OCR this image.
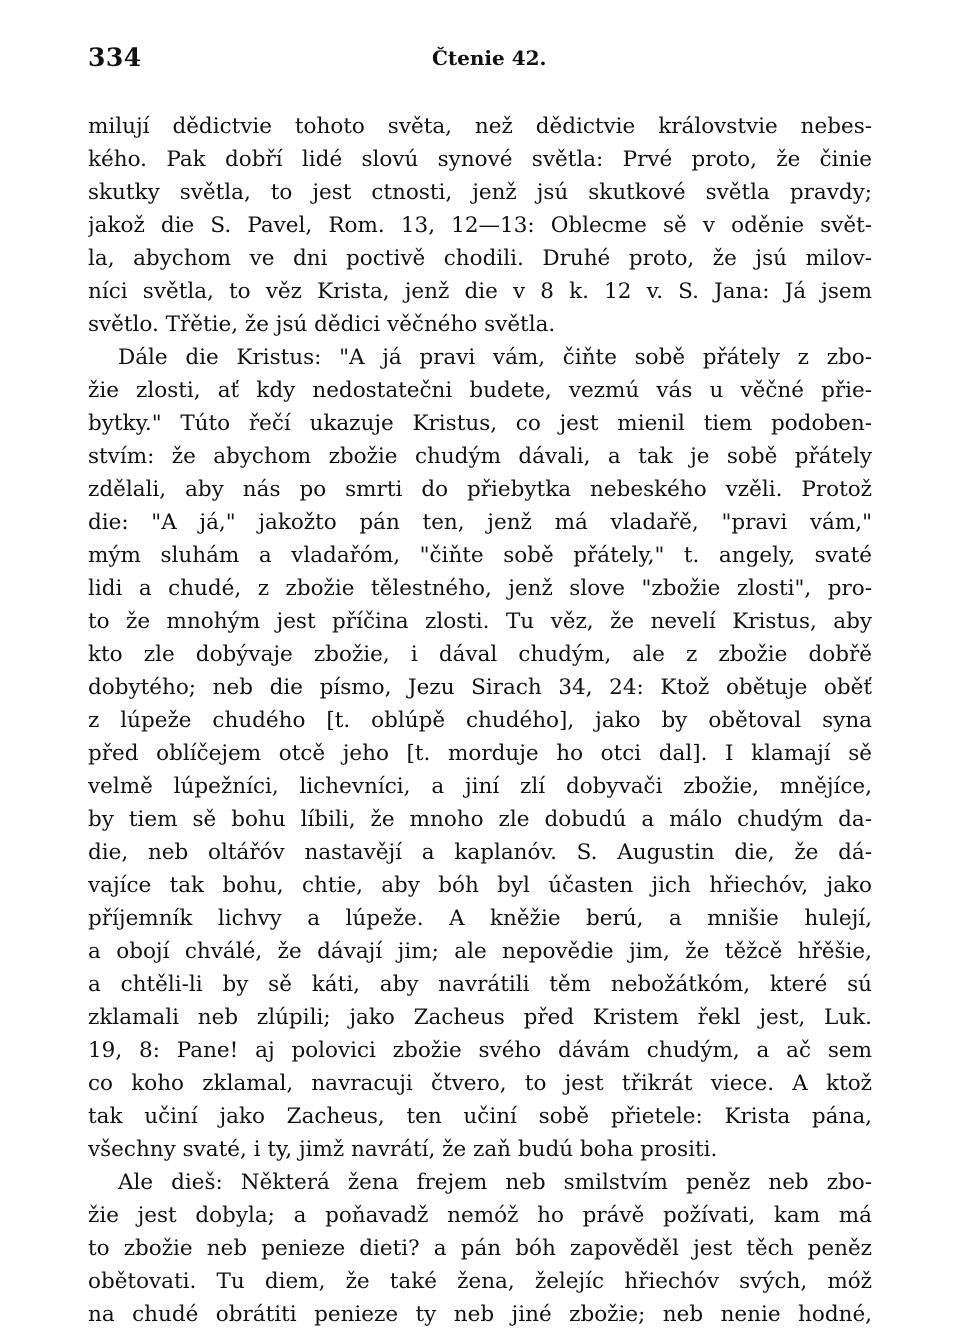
334	Čtenie 42.
milují dědictvie tohoto světa, než dědictvie královstvie nebes-
kého. Pak dobří lidé slovú synové světla: Prvé proto, že činie
skutky světla, to jest ctnosti, jenž jsú skutkové světla pravdy;
jakož die S. Pavel, Rom. 13, 12—13: Oblecme sě v oděnie svět-
la, abychom ve dni poctivě chodili. Druhé proto, že jsú milov-
níci světla, to věz Krista, jenž die v 8 k. 12 v. S. Jana: Já jsem
světlo. Třětie, že jsú dědici věčného světla.
Dále die Kristus: "A já pravi vám, čiňte sobě přátely z zbo-
žie zlosti, ať kdy nedostatečni budete, vezmú vás u věčné přie-
bytky." Túto řečí ukazuje Kristus, co jest mienil tiem podoben-
stvím: že abychom zbožie chudým dávali, a tak je sobě přátely
zdělali, aby nás po smrti do přiebytka nebeského vzěli. Protož
die: "A já," jakožto pán ten, jenž má vladařě, "pravi vám,"
mým sluhám a vladařóm, "čiňte sobě přátely," t. angely, svaté
lidi a chudé, z zbožie tělestného, jenž slove "zbožie zlosti", pro-
to že mnohým jest příčina zlosti. Tu věz, že nevelí Kristus, aby
kto zle dobývaje zbožie, i dával chudým, ale z zbožie dobřě
dobytého; neb die písmo, Jezu Sirach 34, 24: Ktož obětuje oběť
z lúpeže chudého [t. oblúpě chudého], jako by obětoval syna
před oblíčejem otcě jeho [t. morduje ho otci dal]. I klamají sě
velmě lúpežníci, lichevníci, a jiní zlí dobyvači zbožie, mnějíce,
by tiem sě bohu líbili, že mnoho zle dobudú a málo chudým da-
die, neb oltářóv nastavějí a kaplanóv. S. Augustin die, že dá-
vajíce tak bohu, chtie, aby bóh byl účasten jich hřiechóv, jako
příjemník lichvy a lúpeže. A kněžie berú, a mnišie hulejí,
a obojí chválé, že dávají jim; ale nepovědie jim, že těžcě hřěšie,
a chtěli-li by sě káti, aby navrátili těm nebožátkóm, které sú
zklamali neb zlúpili; jako Zacheus před Kristem řekl jest, Luk.
19, 8: Pane! aj polovici zbožie svého dávám chudým, a ač sem
co koho zklamal, navracuji čtvero, to jest třikrát viece. A ktož
tak učiní jako Zacheus, ten učiní sobě přietele: Krista pána,
všechny svaté, i ty, jimž navrátí, že zaň budú boha prositi.
Ale dieš: Některá žena frejem neb smilstvím peněz neb zbo-
žie jest dobyla; a poňavadž nemóž ho právě požívati, kam má
to zbožie neb penieze dieti? a pán bóh zapověděl jest těch peněz
obětovati. Tu diem, že také žena, želejíc hřiechóv svých, móž
na chudé obrátiti penieze ty neb jiné zbožie; neb nenie hodné,
